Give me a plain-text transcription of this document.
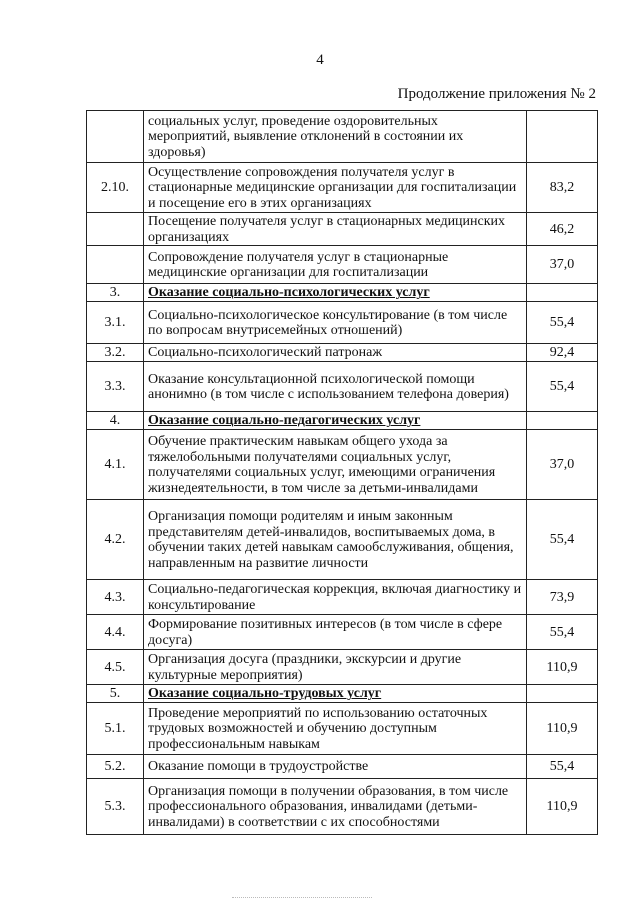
4
Продолжение приложения № 2
	социальных услуг, проведение оздоровительных мероприятий, выявление отклонений в состоянии их здоровья)	
2.10.	Осуществление сопровождения получателя услуг в стационарные медицинские организации для госпитализации и посещение его в этих организациях	83,2
	Посещение получателя услуг в стационарных медицинских организациях	46,2
	Сопровождение получателя услуг в стационарные медицинские организации для госпитализации	37,0
3.	Оказание социально-психологических услуг	
3.1.	Социально-психологическое консультирование (в том числе по вопросам внутрисемейных отношений)	55,4
3.2.	Социально-психологический патронаж	92,4
3.3.	Оказание консультационной психологической помощи анонимно (в том числе с использованием телефона доверия)	55,4
4.	Оказание социально-педагогических услуг	
4.1.	Обучение практическим навыкам общего ухода за тяжелобольными получателями социальных услуг, получателями социальных услуг, имеющими ограничения жизнедеятельности, в том числе за детьми-инвалидами	37,0
4.2.	Организация помощи родителям и иным законным представителям детей-инвалидов, воспитываемых дома, в обучении таких детей навыкам самообслуживания, общения, направленным на развитие личности	55,4
4.3.	Социально-педагогическая коррекция, включая диагностику и консультирование	73,9
4.4.	Формирование позитивных интересов (в том числе в сфере досуга)	55,4
4.5.	Организация досуга (праздники, экскурсии и другие культурные мероприятия)	110,9
5.	Оказание социально-трудовых услуг	
5.1.	Проведение мероприятий по использованию остаточных трудовых возможностей и обучению доступным профессиональным навыкам	110,9
5.2.	Оказание помощи в трудоустройстве	55,4
5.3.	Организация помощи в получении образования, в том числе профессионального образования, инвалидами (детьми-инвалидами) в соответствии с их способностями	110,9
